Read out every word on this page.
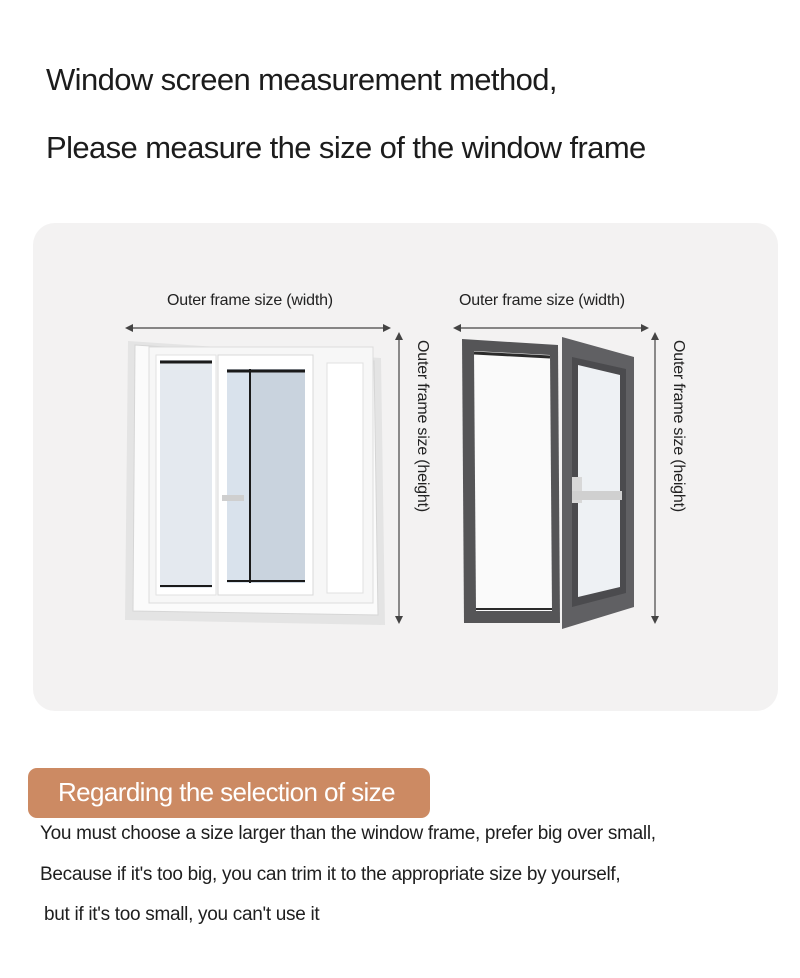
Window screen measurement method,
Please measure the size of the window frame
Outer frame size (width)
Outer frame size (height)
Outer frame size (width)
Outer frame size (height)
Regarding the selection of size
You must choose a size larger than the window frame, prefer big over small,
Because if it's too big, you can trim it to the appropriate size by yourself,
but if it's too small, you can't use it
